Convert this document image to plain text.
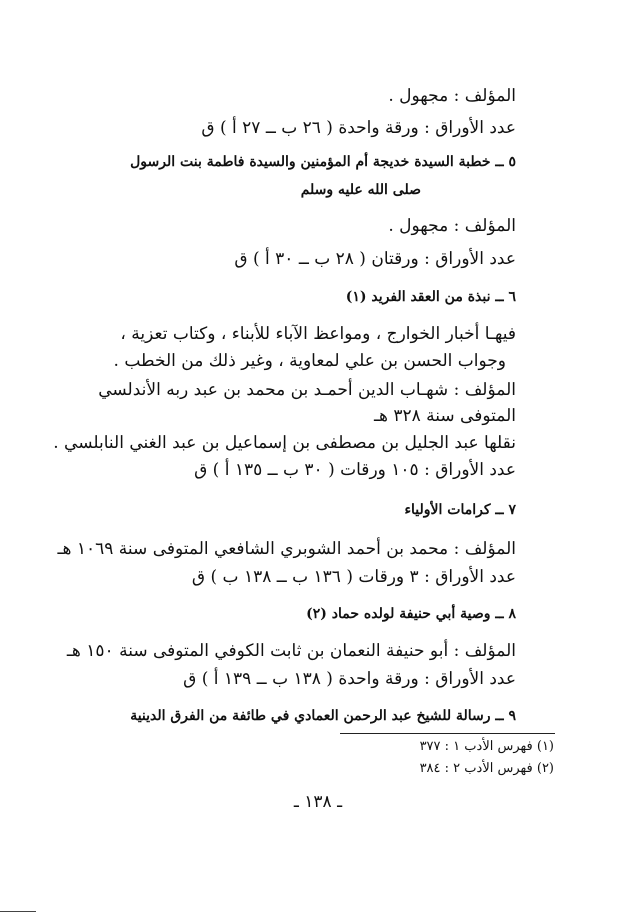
المؤلف : مجهول .
عدد الأوراق : ورقة واحدة ( ٢٦ ب ــ ٢٧ أ ) ق
٥ ــ خطبة السيدة خديجة أم المؤمنين والسيدة فاطمة بنت الرسول
صلى الله عليه وسلم
المؤلف : مجهول .
عدد الأوراق : ورقتان ( ٢٨ ب ــ ٣٠ أ ) ق
٦ ــ نبذة من العقد الفريد (١)
فيهـا أخبار الخوارج ، ومواعظ الآباء للأبناء ، وكتاب تعزية ،
وجواب الحسن بن علي لمعاوية ، وغير ذلك من الخطب .
المؤلف : شهـاب الدين أحمـد بن محمد بن عبد ربه الأندلسي
المتوفى سنة ٣٢٨ هـ
نقلها عبد الجليل بن مصطفى بن إسماعيل بن عبد الغني النابلسي .
عدد الأوراق : ١٠٥ ورقات ( ٣٠ ب ــ ١٣٥ أ ) ق
٧ ــ كرامات الأولياء
المؤلف : محمد بن أحمد الشوبري الشافعي المتوفى سنة ١٠٦٩ هـ
عدد الأوراق : ٣ ورقات ( ١٣٦ ب ــ ١٣٨ ب ) ق
٨ ــ وصية أبي حنيفة لولده حماد (٢)
المؤلف : أبو حنيفة النعمان بن ثابت الكوفي المتوفى سنة ١٥٠ هـ
عدد الأوراق : ورقة واحدة ( ١٣٨ ب ــ ١٣٩ أ ) ق
٩ ــ رسالة للشيخ عبد الرحمن العمادي في طائفة من الفرق الدينية
(١) فهرس الأدب ١ : ٣٧٧
(٢) فهرس الأدب ٢ : ٣٨٤
ـ ١٣٨ ـ
